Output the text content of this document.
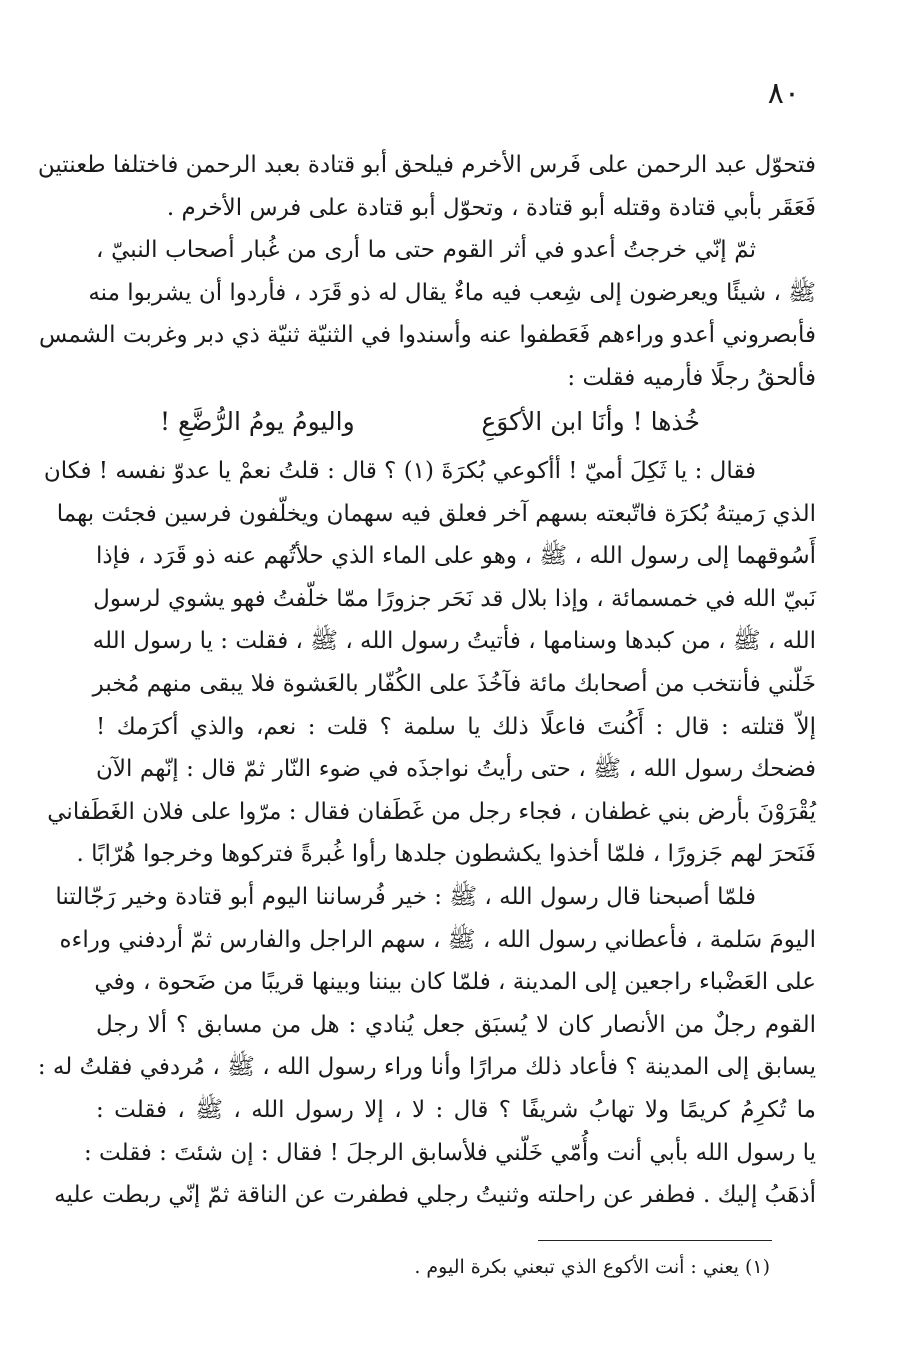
٨٠
فتحوّل عبد الرحمن على فَرس الأخرم فيلحق أبو قتادة بعبد الرحمن فاختلفا طعنتين
فَعَقَر بأبي قتادة وقتله أبو قتادة ، وتحوّل أبو قتادة على فرس الأخرم .
ثمّ إنّي خرجتُ أعدو في أثر القوم حتى ما أرى من غُبار أصحاب النبيّ ،
ﷺ ، شيئًا ويعرضون إلى شِعب فيه ماءٌ يقال له ذو قَرَد ، فأردوا أن يشربوا منه
فأبصروني أعدو وراءهم فَعَطفوا عنه وأسندوا في الثنيّة ثنيّة ذي دبر وغربت الشمس
فألحقُ رجلًا فأرميه فقلت :
خُذها ! وأنَا ابن الأكوَعِ
واليومُ يومُ الرُّضَّعِ !
فقال : يا ثَكِلَ أميّ ! أأكوعي بُكرَةَ (١) ؟ قال : قلتُ نعمْ يا عدوّ نفسه ! فكان
الذي رَميتهُ بُكرَة فاتّبعته بسهم آخر فعلق فيه سهمان ويخلّفون فرسين فجئت بهما
أَسُوقهما إلى رسول الله ، ﷺ ، وهو على الماء الذي حلأتُهم عنه ذو قَرَد ، فإذا
نَبيّ الله في خمسمائة ، وإذا بلال قد نَحَر جزورًا ممّا خلّفتُ فهو يشوي لرسول
الله ، ﷺ ، من كبدها وسنامها ، فأتيتُ رسول الله ، ﷺ ، فقلت : يا رسول الله
خَلّني فأنتخب من أصحابك مائة فآخُذَ على الكُفّار بالعَشوة فلا يبقى منهم مُخبر
إلاّ قتلته : قال : أَكُنتَ فاعلًا ذلك يا سلمة ؟ قلت : نعم، والذي أكرَمك !
فضحك رسول الله ، ﷺ ، حتى رأيتُ نواجذَه في ضوء النّار ثمّ قال : إنّهم الآن
يُقْرَوْنَ بأرض بني غطفان ، فجاء رجل من غَطَفان فقال : مرّوا على فلان الغَطَفاني
فَنَحرَ لهم جَزورًا ، فلمّا أخذوا يكشطون جلدها رأوا غُبرةً فتركوها وخرجوا هُرّابًا .
فلمّا أصبحنا قال رسول الله ، ﷺ : خير فُرساننا اليوم أبو قتادة وخير رَجّالتنا
اليومَ سَلمة ، فأعطاني رسول الله ، ﷺ ، سهم الراجل والفارس ثمّ أردفني وراءه
على العَضْباء راجعين إلى المدينة ، فلمّا كان بيننا وبينها قريبًا من ضَحوة ، وفي
القوم رجلٌ من الأنصار كان لا يُسبَق جعل يُنادي : هل من مسابق ؟ ألا رجل
يسابق إلى المدينة ؟ فأعاد ذلك مرارًا وأنا وراء رسول الله ، ﷺ ، مُردفي فقلتُ له :
ما تُكرِمُ كريمًا ولا تهابُ شريفًا ؟ قال : لا ، إلا رسول الله ، ﷺ ، فقلت :
يا رسول الله بأبي أنت وأُمّي خَلّني فلأسابق الرجلَ ! فقال : إن شئتَ : فقلت :
أذهَبُ إليك . فطفر عن راحلته وثنيتُ رجلي فطفرت عن الناقة ثمّ إنّي ربطت عليه
(١) يعني : أنت الأكوع الذي تبعني بكرة اليوم .
